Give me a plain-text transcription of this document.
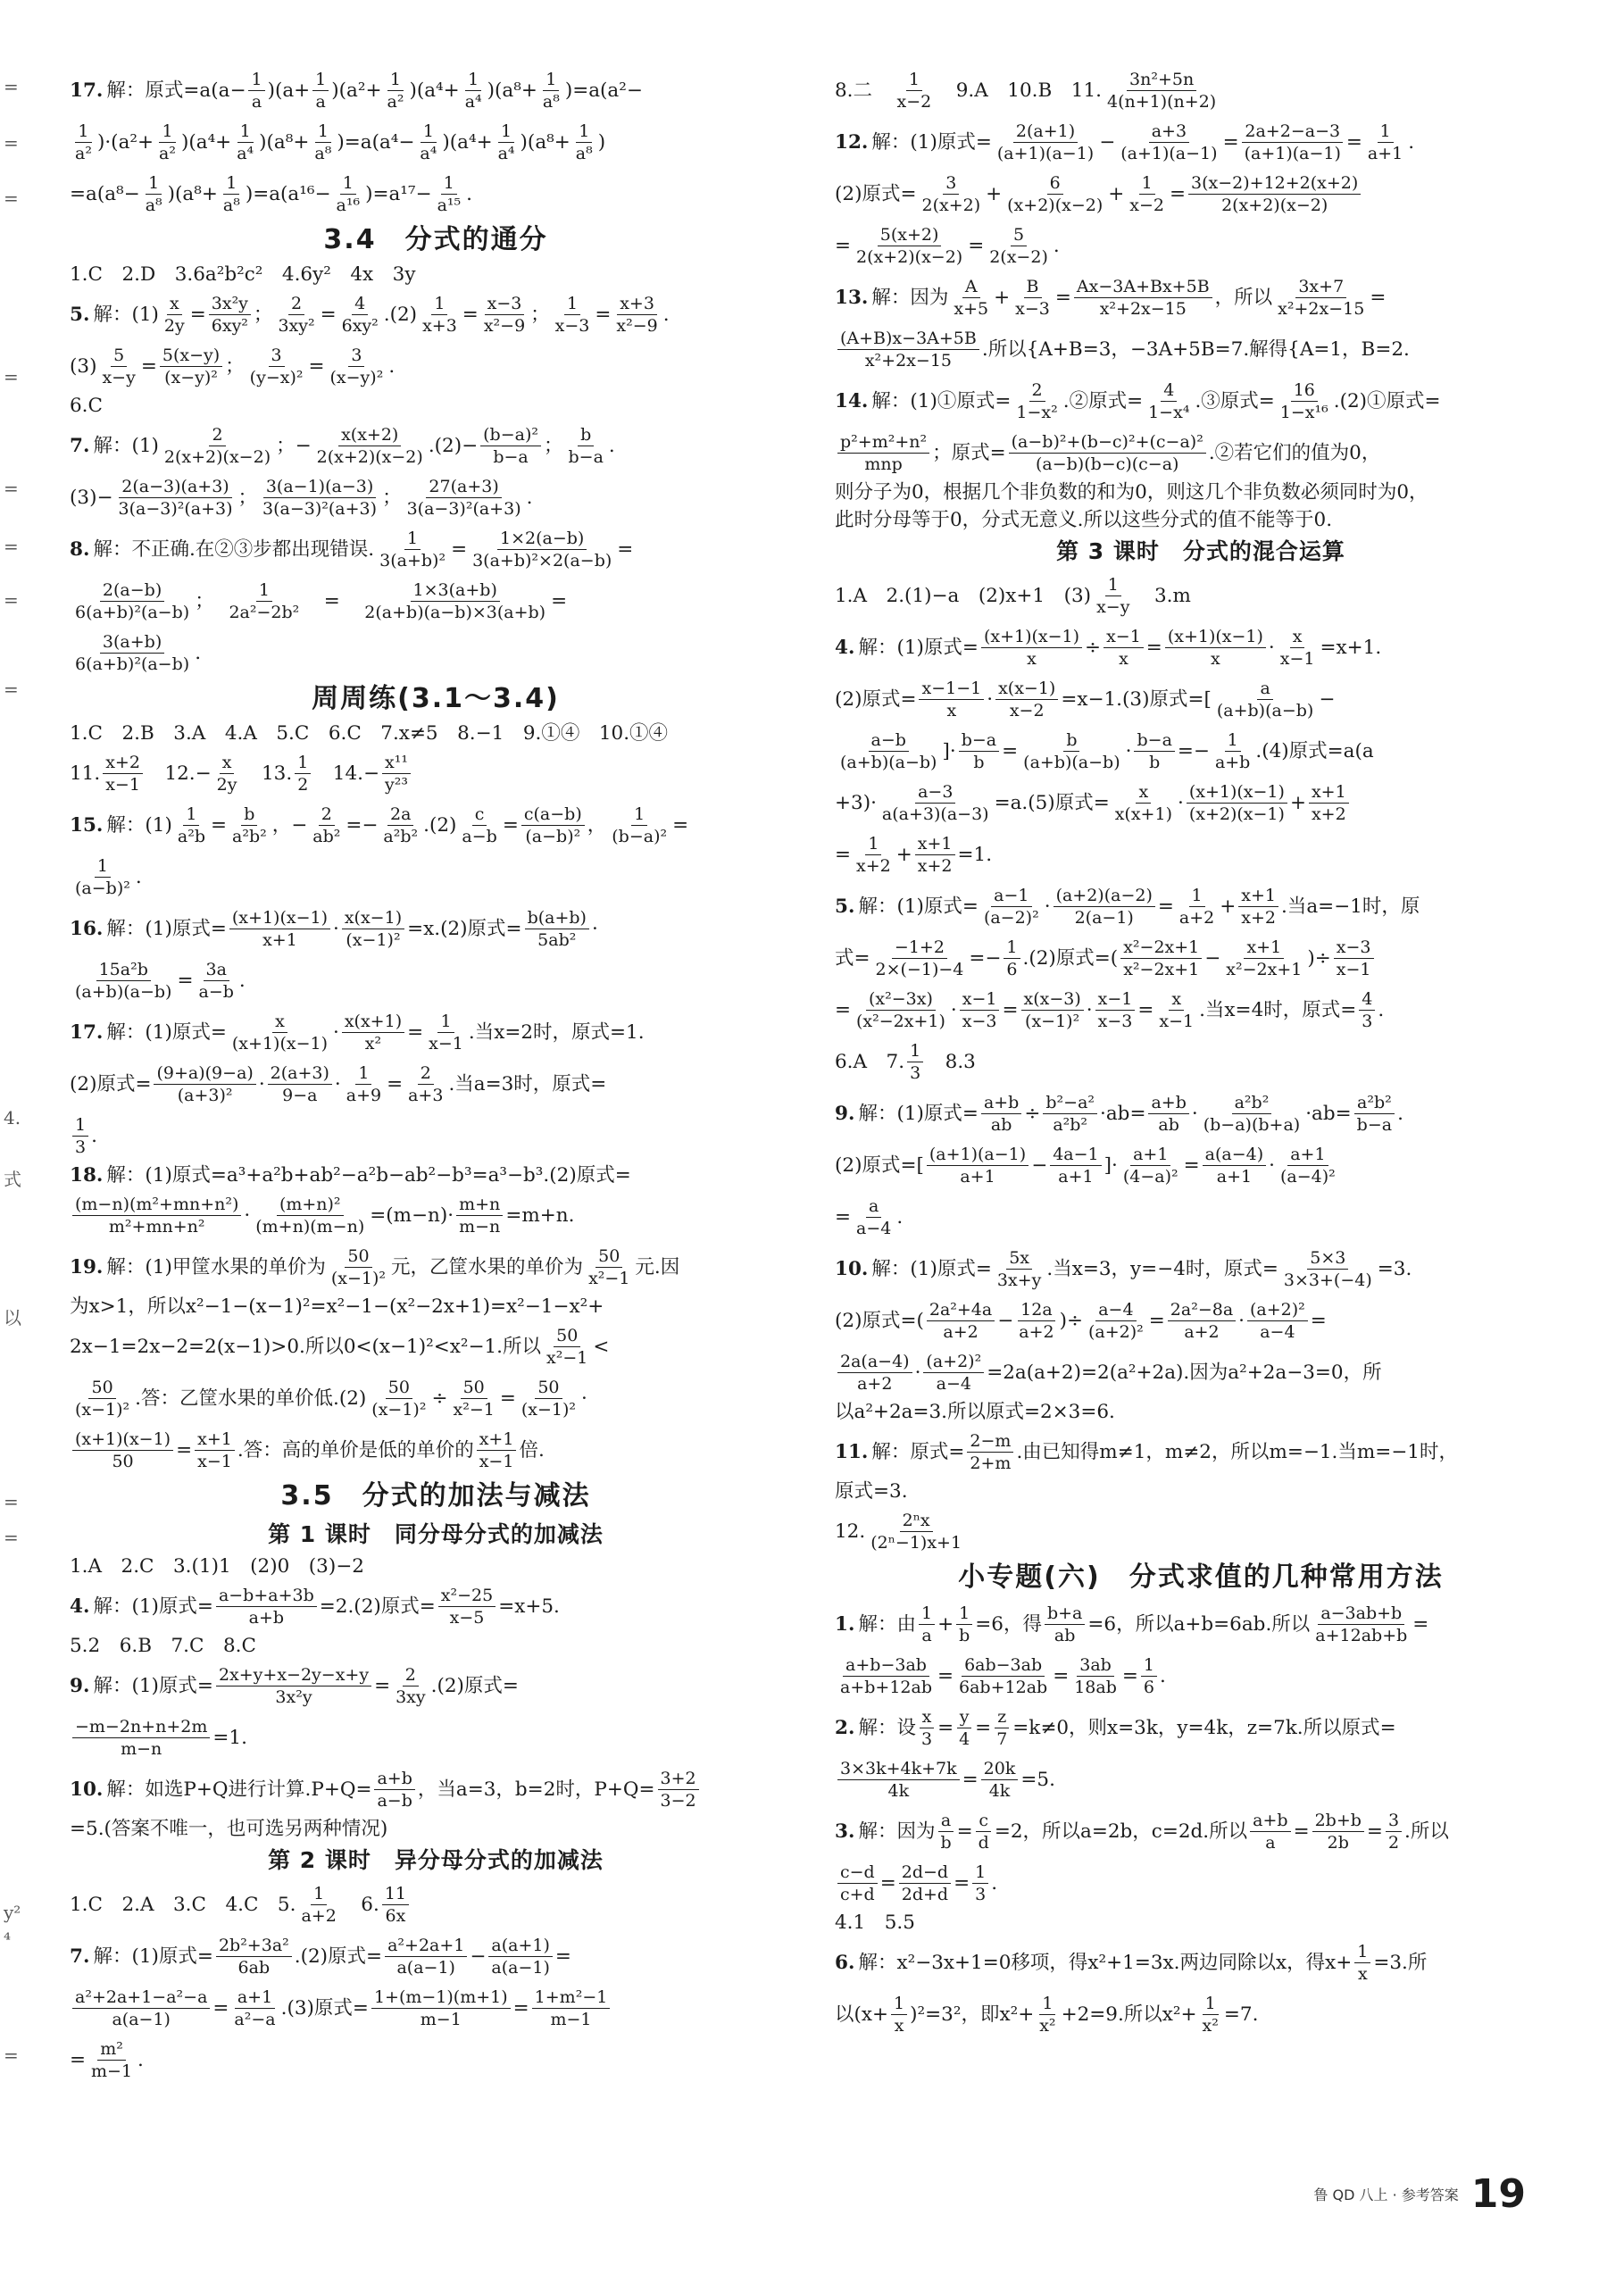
=
=
=
=
=
=
=
=
4.
式
以
=
=
y²
⁴
=
17. 解：原式$=a(a- \frac{1}{a} )(a+ \frac{1}{a} )(a^2+ \frac{1}{\text{a²}} )(a^4+ \frac{1}{\text{a⁴}} )(a^8+ \frac{1}{\text{a⁸}} )=a(a^2-$
$\frac{1}{\text{a²}} )\cdot(a^2+ \frac{1}{\text{a²}} )(a^4+ \frac{1}{\text{a⁴}} )(a^8+ \frac{1}{\text{a⁸}} )=a(a^4- \frac{1}{\text{a⁴}} )(a^4+ \frac{1}{\text{a⁴}} )(a^8+ \frac{1}{\text{a⁸}}$ )
$=a(a^8- \frac{1}{\text{a⁸}} )(a^8+ \frac{1}{\text{a⁸}} )=a(a^{16}- \frac{1}{\text{a¹⁶}} )=a^{17}- \frac{1}{\text{a¹⁵}}$ .
3.4　分式的通分
1.C　2.D　3.6a²b²c²　4.6y²　4x　3y
5. 解：$(1) \frac{x}{2y} = \frac{\text{3x²y}}{\text{6xy²}}$ ； $\frac{2}{\text{3xy²}} = \frac{4}{\text{6xy²}} .(2) \frac{1}{x+3} = \frac{x-3}{\text{x²−9}}$ ； $\frac{1}{x-3} = \frac{x+3}{\text{x²−9}}$ .
$(3) \frac{5}{x-y} = \frac{5(x-y)}{\text{(x−y)²}}$ ； $\frac{3}{\text{(y−x)²}} = \frac{3}{\text{(x−y)²}}$ .
6.C
7. 解：$(1) \frac{2}{2(x+2)(x-2)}$ ；− $\frac{x(x+2)}{2(x+2)(x-2)} .(2)- \frac{\text{(b−a)²}}{b-a}$ ； $\frac{b}{b-a}$ .
$(3)- \frac{2(a-3)(a+3)}{\text{3(a−3)²(a+3)}}$ ； $\frac{3(a-1)(a-3)}{\text{3(a−3)²(a+3)}}$ ； $\frac{27(a+3)}{\text{3(a−3)²(a+3)}}$ .
8. 解：不正确.在②③步都出现错误. $\frac{1}{\text{3(a+b)²}} = \frac{1\times 2(a-b)}{\text{3(a+b)²×2(a−b)}}$ =
$\frac{2(a-b)}{\text{6(a+b)²(a−b)}}$ ；　 $\frac{1}{\text{2a²−2b²}}$ 　=　 $\frac{1\times 3(a+b)}{2(a+b)(a-b)\times 3(a+b)}$ =
$\frac{3(a+b)}{\text{6(a+b)²(a−b)}}$ .
周周练(3.1～3.4)
1.C　2.B　3.A　4.A　5.C　6.C　7.x≠5　8.−1　9.①④　10.①④
11. $\frac{x+2}{x-1}$ 　$12.- \frac{x}{2y}$ 　13. $\frac{1}{2}$ 　$14.- \frac{\text{x¹¹}}{\text{y²³}}$
15. 解：$(1) \frac{1}{\text{a²b}} = \frac{b}{\text{a²b²}}$ ，− $\frac{2}{\text{ab²}} =- \frac{2a}{\text{a²b²}} .(2) \frac{c}{a-b} = \frac{c(a-b)}{\text{(a−b)²}}$ ， $\frac{1}{\text{(b−a)²}}$ =
$\frac{1}{\text{(a−b)²}}$ .
16. 解：(1)原式= $\frac{(x+1)(x-1)}{x+1} \cdot \frac{x(x-1)}{\text{(x−1)²}} =x.(2)$原式= $\frac{b(a+b)}{\text{5ab²}}$ ·
$\frac{\text{15a²b}}{(a+b)(a-b)} = \frac{3a}{a-b}$ .
17. 解：(1)原式= $\frac{x}{(x+1)(x-1)} \cdot \frac{x(x+1)}{\text{x²}} = \frac{1}{x-1}$ .当x=2时，原式=1.
(2)原式= $\frac{(9+a)(9-a)}{\text{(a+3)²}} \cdot \frac{2(a+3)}{9-a} \cdot \frac{1}{a+9} = \frac{2}{a+3}$ .当a=3时，原式=
$\frac{1}{3}$ .
18. 解：(1)原式=a³+a²b+ab²−a²b−ab²−b³=a³−b³.(2)原式=
$\frac{\text{(m−n)(m²+mn+n²)}}{\text{m²+mn+n²}} \cdot \frac{\text{(m+n)²}}{(m+n)(m-n)} =(m-n)\cdot \frac{m+n}{m-n} =m+n$.
19. 解：(1)甲筐水果的单价为 $\frac{50}{\text{(x−1)²}}$ 元，乙筐水果的单价为 $\frac{50}{\text{x²−1}}$ 元.因
为x>1，所以x²−1−(x−1)²=x²−1−(x²−2x+1)=x²−1−x²+
2x−1=2x−2=2(x−1)>0.所以0<(x−1)²<x²−1.所以 $\frac{50}{\text{x²−1}}$ <
$\frac{50}{\text{(x−1)²}}$ .答：乙筐水果的单价低$.(2) \frac{50}{\text{(x−1)²}} \div \frac{50}{\text{x²−1}} = \frac{50}{\text{(x−1)²}}$ ·
$\frac{(x+1)(x-1)}{50} = \frac{x+1}{x-1}$ .答：高的单价是低的单价的 $\frac{x+1}{x-1}$ 倍.
3.5　分式的加法与减法
第 1 课时　同分母分式的加减法
1.A　2.C　3.(1)1　(2)0　(3)−2
4. 解：(1)原式= $\frac{a-b+a+3b}{a+b} =2.(2)$原式= $\frac{\text{x²−25}}{x-5} =x+5$.
5.2　6.B　7.C　8.C
9. 解：(1)原式= $\frac{2x+y+x-2y-x+y}{\text{3x²y}} = \frac{2}{3xy} .(2)$原式=
$\frac{-m-2n+n+2m}{m-n} =1$.
10. 解：如选P+Q进行计算$.P+Q= \frac{a+b}{a-b}$ ，当a=3，b=2时，$P+Q= \frac{3+2}{3-2}$
=5.(答案不唯一，也可选另两种情况)
第 2 课时　异分母分式的加减法
1.C　2.A　3.C　4.C　5. $\frac{1}{a+2}$ 　6. $\frac{11}{6x}$
7. 解：(1)原式= $\frac{\text{2b²+3a²}}{6ab} .(2)$原式= $\frac{\text{a²+2a+1}}{a(a-1)} - \frac{a(a+1)}{a(a-1)}$ =
$\frac{\text{a²+2a+1−a²−a}}{a(a-1)} = \frac{a+1}{\text{a²−a}} .(3)$原式= $\frac{1+(m-1)(m+1)}{m-1} = \frac{\text{1+m²−1}}{m-1}$
= $\frac{\text{m²}}{m-1}$ .
8.二　 $\frac{1}{x-2}$ 　9.A　10.B　11. $\frac{\text{3n²+5n}}{4(n+1)(n+2)}$
12. 解：(1)原式= $\frac{2(a+1)}{(a+1)(a-1)} - \frac{a+3}{(a+1)(a-1)} = \frac{2a+2-a-3}{(a+1)(a-1)} = \frac{1}{a+1}$ .
(2)原式= $\frac{3}{2(x+2)} + \frac{6}{(x+2)(x-2)} + \frac{1}{x-2} = \frac{3(x-2)+12+2(x+2)}{2(x+2)(x-2)}$
= $\frac{5(x+2)}{2(x+2)(x-2)} = \frac{5}{2(x-2)}$ .
13. 解：因为 $\frac{A}{x+5} + \frac{B}{x-3} = \frac{Ax-3A+Bx+5B}{\text{x²+2x−15}}$ ，所以 $\frac{3x+7}{\text{x²+2x−15}}$ =
$\frac{(A+B)x-3A+5B}{\text{x²+2x−15}}$ .所以{A+B=3，−3A+5B=7.解得{A=1，B=2.
14. 解：(1)①原式= $\frac{2}{\text{1−x²}}$ .②原式= $\frac{4}{\text{1−x⁴}}$ .③原式= $\frac{16}{\text{1−x¹⁶}}$ .(2)①原式=
p²+m²+n²
mnp ；原式= $\frac{\text{(a−b)²+(b−c)²+(c−a)²}}{(a-b)(b-c)(c-a)}$ .②若它们的值为0，
则分子为0，根据几个非负数的和为0，则这几个非负数必须同时为0，
此时分母等于0，分式无意义.所以这些分式的值不能等于0.
第 3 课时　分式的混合运算
1.A　2.(1)−a　(2)x+1　$(3) \frac{1}{x-y}$ 　3.m
4. 解：(1)原式= $\frac{(x+1)(x-1)}{x} \div \frac{x-1}{x} = \frac{(x+1)(x-1)}{x} \cdot \frac{x}{x-1} =x+1$.
(2)原式= $\frac{x-1-1}{x} \cdot \frac{x(x-1)}{x-2} =x-1.(3)$原式=[ $\frac{a}{(a+b)(a-b)}$ −
$\frac{a-b}{(a+b)(a-b)}$ ]· $\frac{b-a}{b} = \frac{b}{(a+b)(a-b)} \cdot \frac{b-a}{b} =- \frac{1}{a+b} .(4)$原式=a(a
$+3)\cdot \frac{a-3}{a(a+3)(a-3)} =a.(5)$原式= $\frac{x}{x(x+1)} \cdot \frac{(x+1)(x-1)}{(x+2)(x-1)} + \frac{x+1}{x+2}$
= $\frac{1}{x+2} + \frac{x+1}{x+2} =1$.
5. 解：(1)原式= $\frac{a-1}{\text{(a−2)²}} \cdot \frac{(a+2)(a-2)}{2(a-1)} = \frac{1}{a+2} + \frac{x+1}{x+2}$ .当a=−1时，原
式= $\frac{-1+2}{2\times(-1)-4} =- \frac{1}{6} .(2)$原式=( $\frac{\text{x²−2x+1}}{\text{x²−2x+1}} - \frac{x+1}{\text{x²−2x+1}}$ )÷ $\frac{x-3}{x-1}$
= $\frac{\text{(x²−3x)}}{\text{(x²−2x+1)}} \cdot \frac{x-1}{x-3} = \frac{x(x-3)}{\text{(x−1)²}} \cdot \frac{x-1}{x-3} = \frac{x}{x-1}$ .当x=4时，原式= $\frac{4}{3}$ .
6.A　7. $\frac{1}{3}$ 　8.3
9. 解：(1)原式= $\frac{a+b}{ab} \div \frac{\text{b²−a²}}{\text{a²b²}} \cdot ab= \frac{a+b}{ab} \cdot \frac{\text{a²b²}}{(b-a)(b+a)} \cdot ab= \frac{\text{a²b²}}{b-a}$ .
(2)原式=[ $\frac{(a+1)(a-1)}{a+1} - \frac{4a-1}{a+1}$ ]· $\frac{a+1}{\text{(4−a)²}} = \frac{a(a-4)}{a+1} \cdot \frac{a+1}{\text{(a−4)²}}$
= $\frac{a}{a-4}$ .
10. 解：(1)原式= $\frac{5x}{3x+y}$ .当x=3，y=−4时，原式= $\frac{5\times 3}{3\times 3+(-4)} =3$.
(2)原式=( $\frac{\text{2a²+4a}}{a+2} - \frac{12a}{a+2}$ )÷ $\frac{a-4}{\text{(a+2)²}} = \frac{\text{2a²−8a}}{a+2} \cdot \frac{\text{(a+2)²}}{a-4}$ =
$\frac{2a(a-4)}{a+2} \cdot \frac{\text{(a+2)²}}{a-4} =2a(a+2)=2(a^2+2a)$.因为a²+2a−3=0，所
以a²+2a=3.所以原式=2×3=6.
11. 解：原式= $\frac{2-m}{2+m}$ .由已知得m≠1，m≠2，所以m=−1.当m=−1时，
原式=3.
12. $\frac{\text{2ⁿx}}{\text{(2ⁿ−1)x+1}}$
小专题(六)　分式求值的几种常用方法
1. 解：由 $\frac{1}{a} + \frac{1}{b} =6$，得 $\frac{b+a}{ab} =6$，所以a+b=6ab.所以 $\frac{a-3ab+b}{a+12ab+b}$ =
$\frac{a+b-3ab}{a+b+12ab} = \frac{6ab-3ab}{6ab+12ab} = \frac{3ab}{18ab} = \frac{1}{6}$ .
2. 解：设 $\frac{x}{3} = \frac{y}{4} = \frac{z}{7} =k\ne 0$，则x=3k，y=4k，z=7k.所以原式=
$\frac{3\times 3k+4k+7k}{4k} = \frac{20k}{4k} =5$.
3. 解：因为 $\frac{a}{b} = \frac{c}{d} =2$，所以a=2b，c=2d.所以 $\frac{a+b}{a} = \frac{2b+b}{2b} = \frac{3}{2}$ .所以
$\frac{c-d}{c+d} = \frac{2d-d}{2d+d} = \frac{1}{3}$ .
4.1　5.5
6. 解：x²−3x+1=0移项，得x²+1=3x.两边同除以x，得$x+ \frac{1}{x} =3$.所
以$(x+ \frac{1}{x} )^2=3^2$，即$x^2+ \frac{1}{\text{x²}} +2=9$.所以$x^2+ \frac{1}{\text{x²}} =7$.
鲁 QD 八上 · 参考答案 19
